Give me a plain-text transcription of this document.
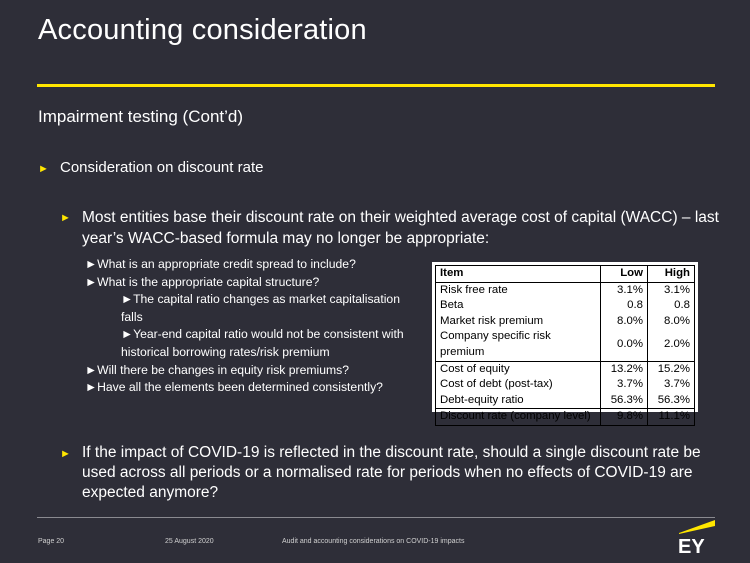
Accounting consideration
Impairment testing (Cont’d)
► Consideration on discount rate
► Most entities base their discount rate on their weighted average cost of capital (WACC) – last year’s WACC-based formula may no longer be appropriate:
►What is an appropriate credit spread to include?
►What is the appropriate capital structure?
►The capital ratio changes as market capitalisation falls
►Year-end capital ratio would not be consistent with historical borrowing rates/risk premium
►Will there be changes in equity risk premiums?
►Have all the elements been determined consistently?
Item	Low	High
Risk free rate	3.1%	3.1%
Beta	0.8	0.8
Market risk premium	8.0%	8.0%
Company specific risk premium	0.0%	2.0%
Cost of equity	13.2%	15.2%
Cost of debt (post-tax)	3.7%	3.7%
Debt-equity ratio	56.3%	56.3%
Discount rate (company level)	9.8%	11.1%
► If the impact of COVID-19 is reflected in the discount rate, should a single discount rate be used across all periods or a normalised rate for periods when no effects of COVID-19 are expected anymore?
Page 20	25 August 2020	Audit and accounting considerations on COVID-19 impacts	EY
